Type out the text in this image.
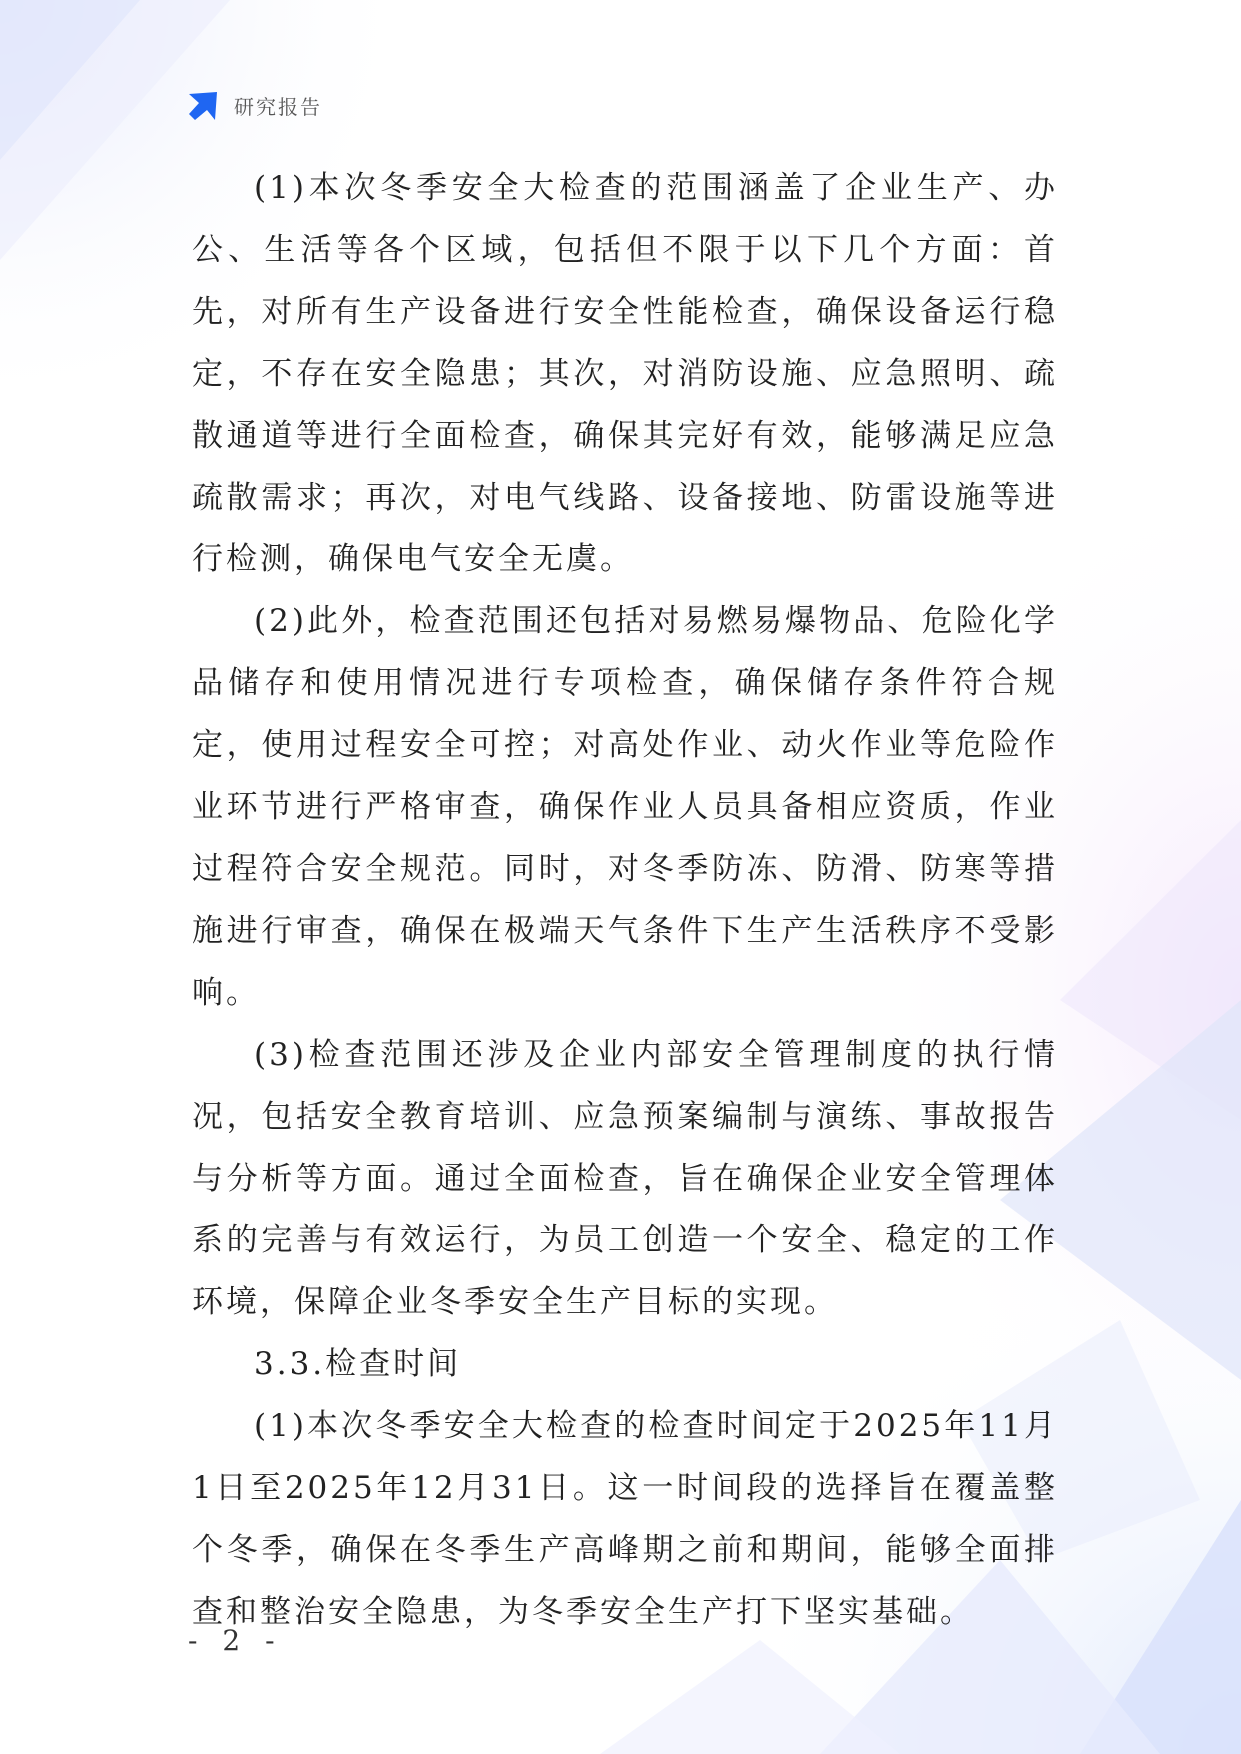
研究报告

(1)本次冬季安全大检查的范围涵盖了企业生产、办公、生活等各个区域，包括但不限于以下几个方面：首先，对所有生产设备进行安全性能检查，确保设备运行稳定，不存在安全隐患；其次，对消防设施、应急照明、疏散通道等进行全面检查，确保其完好有效，能够满足应急疏散需求；再次，对电气线路、设备接地、防雷设施等进行检测，确保电气安全无虞。

(2)此外，检查范围还包括对易燃易爆物品、危险化学品储存和使用情况进行专项检查，确保储存条件符合规定，使用过程安全可控；对高处作业、动火作业等危险作业环节进行严格审查，确保作业人员具备相应资质，作业过程符合安全规范。同时，对冬季防冻、防滑、防寒等措施进行审查，确保在极端天气条件下生产生活秩序不受影响。

(3)检查范围还涉及企业内部安全管理制度的执行情况，包括安全教育培训、应急预案编制与演练、事故报告与分析等方面。通过全面检查，旨在确保企业安全管理体系的完善与有效运行，为员工创造一个安全、稳定的工作环境，保障企业冬季安全生产目标的实现。

3.3.检查时间

(1)本次冬季安全大检查的检查时间定于2025年11月1日至2025年12月31日。这一时间段的选择旨在覆盖整个冬季，确保在冬季生产高峰期之前和期间，能够全面排查和整治安全隐患，为冬季安全生产打下坚实基础。

- 2 -
